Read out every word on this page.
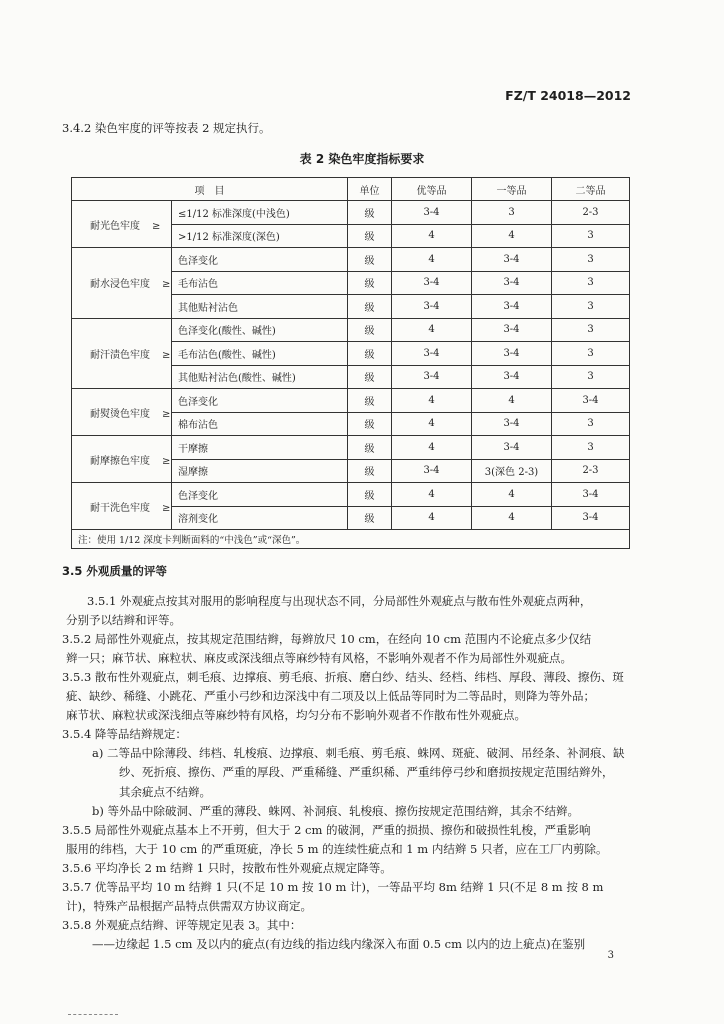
FZ/T 24018—2012
3.4.2 染色牢度的评等按表 2 规定执行。
表 2 染色牢度指标要求
项　目		单位	优等品	一等品	二等品
耐光色牢度 ≥	≤1/12 标准深度(中浅色)	级	3-4	3	2-3
	>1/12 标准深度(深色)	级	4	4	3
耐水浸色牢度 ≥	色泽变化	级	4	3-4	3
	毛布沾色	级	3-4	3-4	3
	其他贴衬沾色	级	3-4	3-4	3
耐汗渍色牢度 ≥	色泽变化(酸性、碱性)	级	4	3-4	3
	毛布沾色(酸性、碱性)	级	3-4	3-4	3
	其他贴衬沾色(酸性、碱性)	级	3-4	3-4	3
耐熨烫色牢度 ≥	色泽变化	级	4	4	3-4
	棉布沾色	级	4	3-4	3
耐摩擦色牢度 ≥	干摩擦	级	4	3-4	3
	湿摩擦	级	3-4	3(深色 2-3)	2-3
耐干洗色牢度 ≥	色泽变化	级	4	4	3-4
	溶剂变化	级	4	4	3-4
注：使用 1/12 深度卡判断面料的“中浅色”或“深色”。					
3.5 外观质量的评等
3.5.1 外观疵点按其对服用的影响程度与出现状态不同，分局部性外观疵点与散布性外观疵点两种，
分别予以结辫和评等。
3.5.2 局部性外观疵点，按其规定范围结辫，每辫放尺 10 cm，在经向 10 cm 范围内不论疵点多少仅结
辫一只；麻节状、麻粒状、麻皮或深浅细点等麻纱特有风格，不影响外观者不作为局部性外观疵点。
3.5.3 散布性外观疵点，刺毛痕、边撑痕、剪毛痕、折痕、磨白纱、结头、经档、纬档、厚段、薄段、擦伤、斑
疵、缺纱、稀缝、小跳花、严重小弓纱和边深浅中有二项及以上低品等同时为二等品时，则降为等外品；
麻节状、麻粒状或深浅细点等麻纱特有风格，均匀分布不影响外观者不作散布性外观疵点。
3.5.4 降等品结辫规定：
a) 二等品中除薄段、纬档、轧梭痕、边撑痕、刺毛痕、剪毛痕、蛛网、斑疵、破洞、吊经条、补洞痕、缺
纱、死折痕、擦伤、严重的厚段、严重稀缝、严重织稀、严重纬停弓纱和磨损按规定范围结辫外，
其余疵点不结辫。
b) 等外品中除破洞、严重的薄段、蛛网、补洞痕、轧梭痕、擦伤按规定范围结辫，其余不结辫。
3.5.5 局部性外观疵点基本上不开剪，但大于 2 cm 的破洞，严重的损损、擦伤和破损性轧梭，严重影响
服用的纬档，大于 10 cm 的严重斑疵，净长 5 m 的连续性疵点和 1 m 内结辫 5 只者，应在工厂内剪除。
3.5.6 平均净长 2 m 结辫 1 只时，按散布性外观疵点规定降等。
3.5.7 优等品平均 10 m 结辫 1 只(不足 10 m 按 10 m 计)，一等品平均 8m 结辫 1 只(不足 8 m 按 8 m
计)，特殊产品根据产品特点供需双方协议商定。
3.5.8 外观疵点结辫、评等规定见表 3。其中：
——边缘起 1.5 cm 及以内的疵点(有边线的指边线内缘深入布面 0.5 cm 以内的边上疵点)在鉴别
3
